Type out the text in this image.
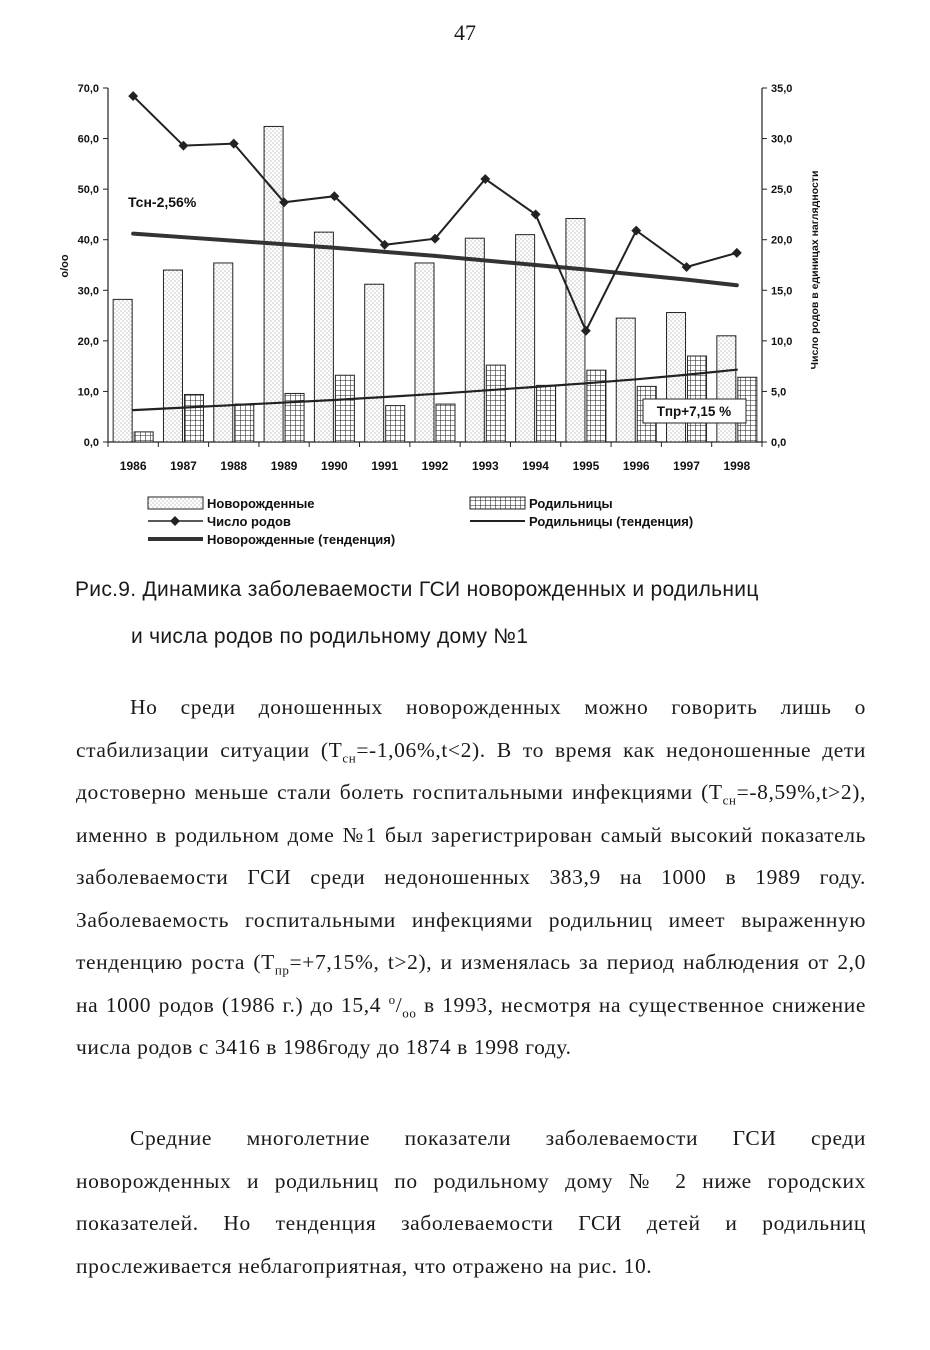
47
0,0
10,0
20,0
30,0
40,0
50,0
60,0
70,0
0,0
5,0
10,0
15,0
20,0
25,0
30,0
35,0
1986 1987 1988 1989 1990 1991 1992 1993 1994 1995 1996 1997 1998
Тсн-2,56%
Тпр+7,15 %
о/оо	Число родов в единицах наглядности
Новорожденные	Родильницы
Число родов	Родильницы (тенденция)
Новорожденные (тенденция)
Рис.9. Динамика заболеваемости ГСИ новорожденных и родильниц
и числа родов по родильному дому №1

Но среди доношенных новорожденных можно говорить лишь о стабилизации ситуации $(Т_{сн}=-1,06\%,t<2)$. В то время как недоношенные дети достоверно меньше стали болеть госпитальными инфекциями $(Т_{сн}=-8,59\%,t>2)$, именно в родильном доме №1 был зарегистрирован самый высокий показатель заболеваемости ГСИ среди недоношенных 383,9 на 1000 в 1989 году. Заболеваемость госпитальными инфекциями родильниц имеет выраженную тенденцию роста ($Т_{пр}=+7,15\%$, t>2), и изменялась за период наблюдения от 2,0 на 1000 родов (1986 г.) до 15,4 $^о/_{оо}$ в 1993, несмотря на существенное снижение числа родов с 3416 в 1986году до 1874 в 1998 году.

Средние многолетние показатели заболеваемости ГСИ среди новорожденных и родильниц по родильному дому № 2 ниже городских показателей. Но тенденция заболеваемости ГСИ детей и родильниц прослеживается неблагоприятная, что отражено на рис. 10.
